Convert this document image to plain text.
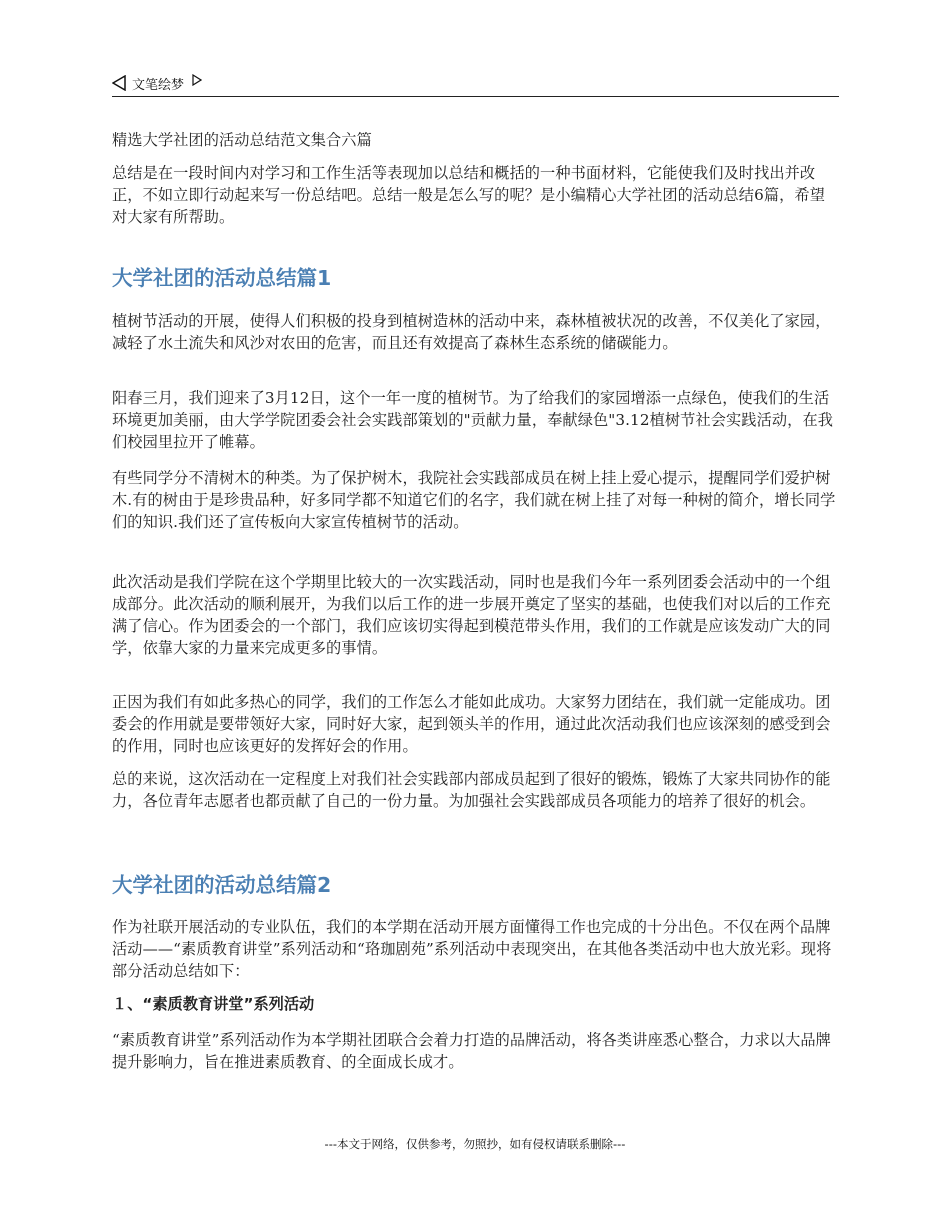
文笔绘梦

精选大学社团的活动总结范文集合六篇

总结是在一段时间内对学习和工作生活等表现加以总结和概括的一种书面材料，它能使我们及时找出并改正，不如立即行动起来写一份总结吧。总结一般是怎么写的呢？是小编精心大学社团的活动总结6篇，希望对大家有所帮助。

大学社团的活动总结篇1

植树节活动的开展，使得人们积极的投身到植树造林的活动中来，森林植被状况的改善，不仅美化了家园，减轻了水土流失和风沙对农田的危害，而且还有效提高了森林生态系统的储碳能力。

阳春三月，我们迎来了3月12日，这个一年一度的植树节。为了给我们的家园增添一点绿色，使我们的生活环境更加美丽，由大学学院团委会社会实践部策划的"贡献力量，奉献绿色"3.12植树节社会实践活动，在我们校园里拉开了帷幕。

有些同学分不清树木的种类。为了保护树木，我院社会实践部成员在树上挂上爱心提示，提醒同学们爱护树木.有的树由于是珍贵品种，好多同学都不知道它们的名字，我们就在树上挂了对每一种树的简介，增长同学们的知识.我们还了宣传板向大家宣传植树节的活动。

此次活动是我们学院在这个学期里比较大的一次实践活动，同时也是我们今年一系列团委会活动中的一个组成部分。此次活动的顺利展开，为我们以后工作的进一步展开奠定了坚实的基础，也使我们对以后的工作充满了信心。作为团委会的一个部门，我们应该切实得起到模范带头作用，我们的工作就是应该发动广大的同学，依靠大家的力量来完成更多的事情。

正因为我们有如此多热心的同学，我们的工作怎么才能如此成功。大家努力团结在，我们就一定能成功。团委会的作用就是要带领好大家，同时好大家，起到领头羊的作用，通过此次活动我们也应该深刻的感受到会的作用，同时也应该更好的发挥好会的作用。

总的来说，这次活动在一定程度上对我们社会实践部内部成员起到了很好的锻炼，锻炼了大家共同协作的能力，各位青年志愿者也都贡献了自己的一份力量。为加强社会实践部成员各项能力的培养了很好的机会。

大学社团的活动总结篇2

作为社联开展活动的专业队伍，我们的本学期在活动开展方面懂得工作也完成的十分出色。不仅在两个品牌活动——“素质教育讲堂”系列活动和“珞珈剧苑”系列活动中表现突出，在其他各类活动中也大放光彩。现将部分活动总结如下：

１、“素质教育讲堂”系列活动

“素质教育讲堂”系列活动作为本学期社团联合会着力打造的品牌活动，将各类讲座悉心整合，力求以大品牌提升影响力，旨在推进素质教育、的全面成长成才。

---本文于网络，仅供参考，勿照抄，如有侵权请联系删除---
